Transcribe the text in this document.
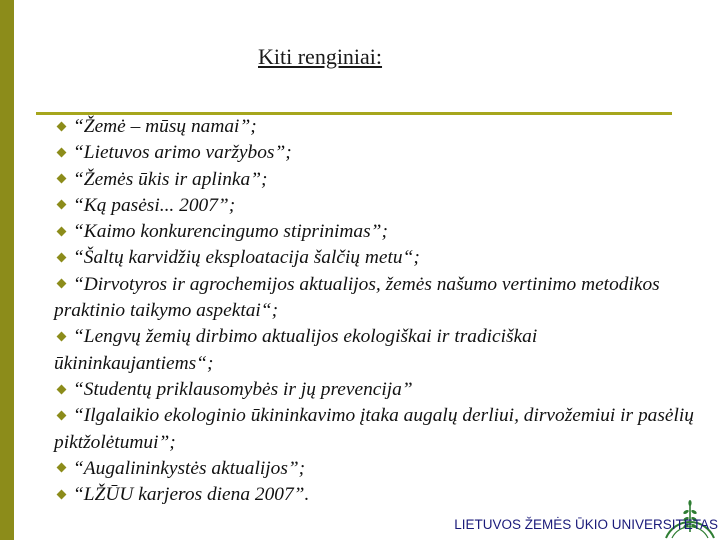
Kiti renginiai:
“Žemė – mūsų namai”;
“Lietuvos arimo varžybos”;
“Žemės ūkis ir aplinka”;
“Ką pasėsi... 2007”;
“Kaimo konkurencingumo stiprinimas”;
“Šaltų karvidžių eksploatacija šalčių metu“;
“Dirvotyros ir agrochemijos aktualijos, žemės našumo vertinimo metodikos praktinio taikymo aspektai“;
“Lengvų žemių dirbimo aktualijos ekologiškai ir tradiciškai ūkininkaujantiems“;
“Studentų priklausomybės ir jų prevencija”
“Ilgalaikio ekologinio ūkininkavimo įtaka augalų derliui, dirvožemiui ir pasėlių piktžolėtumui”;
“Augalininkystės aktualijos”;
“LŽŪU karjeros diena 2007”.
LIETUVOS ŽEMĖS ŪKIO UNIVERSITETAS
